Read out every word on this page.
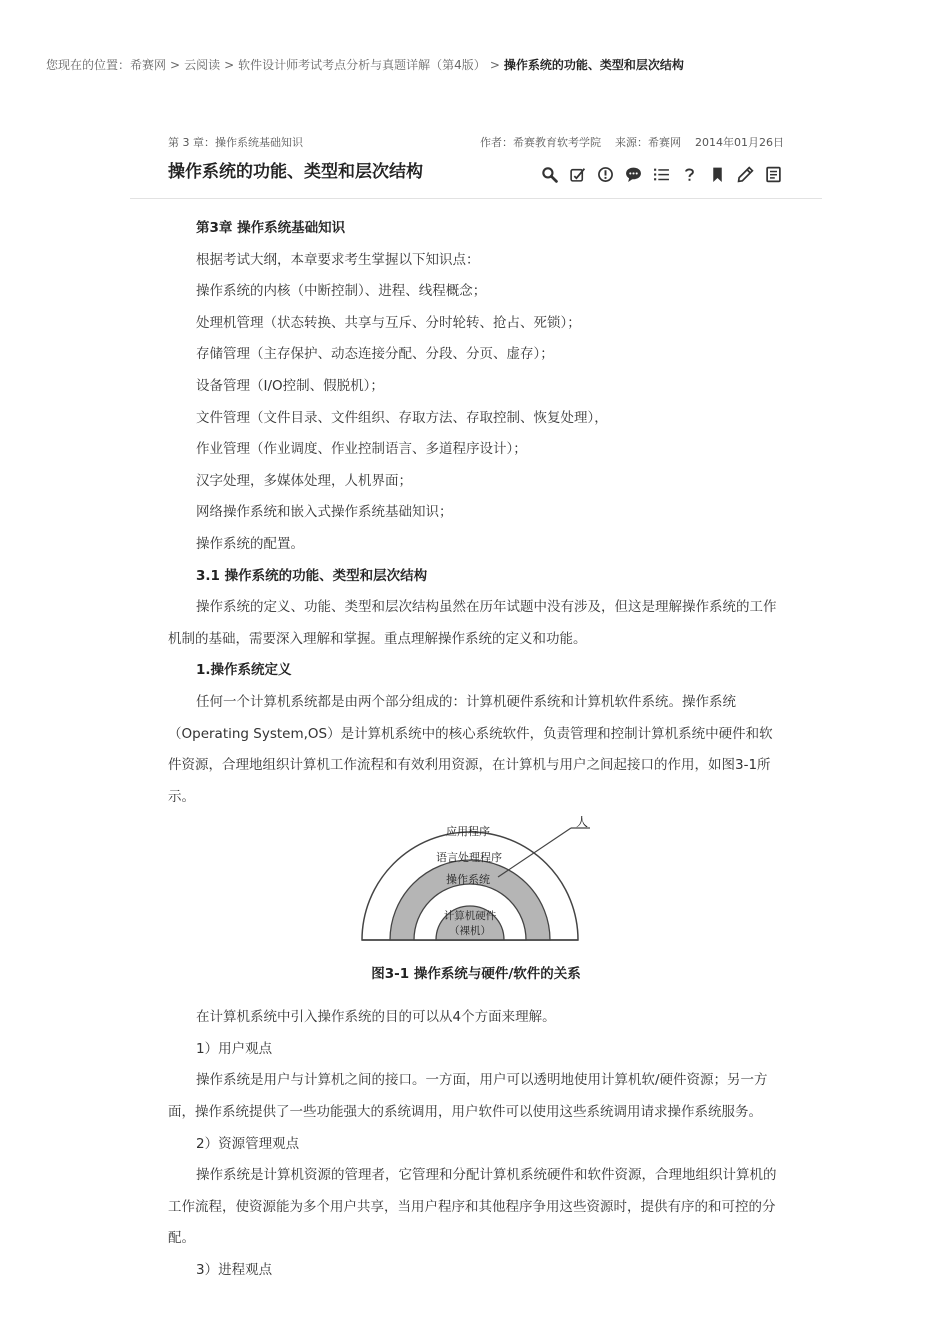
您现在的位置：希赛网 > 云阅读 > 软件设计师考试考点分析与真题详解（第4版） > 操作系统的功能、类型和层次结构
第 3 章：操作系统基础知识	作者：希赛教育软考学院 来源：希赛网 2014年01月26日
操作系统的功能、类型和层次结构

第3章 操作系统基础知识

根据考试大纲，本章要求考生掌握以下知识点：

操作系统的内核（中断控制）、进程、线程概念；

处理机管理（状态转换、共享与互斥、分时轮转、抢占、死锁）；

存储管理（主存保护、动态连接分配、分段、分页、虚存）；

设备管理（I/O控制、假脱机）；

文件管理（文件目录、文件组织、存取方法、存取控制、恢复处理），

作业管理（作业调度、作业控制语言、多道程序设计）；

汉字处理，多媒体处理，人机界面；

网络操作系统和嵌入式操作系统基础知识；

操作系统的配置。

3.1 操作系统的功能、类型和层次结构

操作系统的定义、功能、类型和层次结构虽然在历年试题中没有涉及，但这是理解操作系统的工作机制的基础，需要深入理解和掌握。重点理解操作系统的定义和功能。

1.操作系统定义

任何一个计算机系统都是由两个部分组成的：计算机硬件系统和计算机软件系统。操作系统（Operating System,OS）是计算机系统中的核心系统软件，负责管理和控制计算机系统中硬件和软件资源，合理地组织计算机工作流程和有效利用资源，在计算机与用户之间起接口的作用，如图3-1所示。

人
应用程序
语言处理程序
操作系统
计算机硬件
（裸机）

图3-1 操作系统与硬件/软件的关系

在计算机系统中引入操作系统的目的可以从4个方面来理解。

1）用户观点

操作系统是用户与计算机之间的接口。一方面，用户可以透明地使用计算机软/硬件资源；另一方面，操作系统提供了一些功能强大的系统调用，用户软件可以使用这些系统调用请求操作系统服务。

2）资源管理观点

操作系统是计算机资源的管理者，它管理和分配计算机系统硬件和软件资源，合理地组织计算机的工作流程，使资源能为多个用户共享，当用户程序和其他程序争用这些资源时，提供有序的和可控的分配。

3）进程观点
